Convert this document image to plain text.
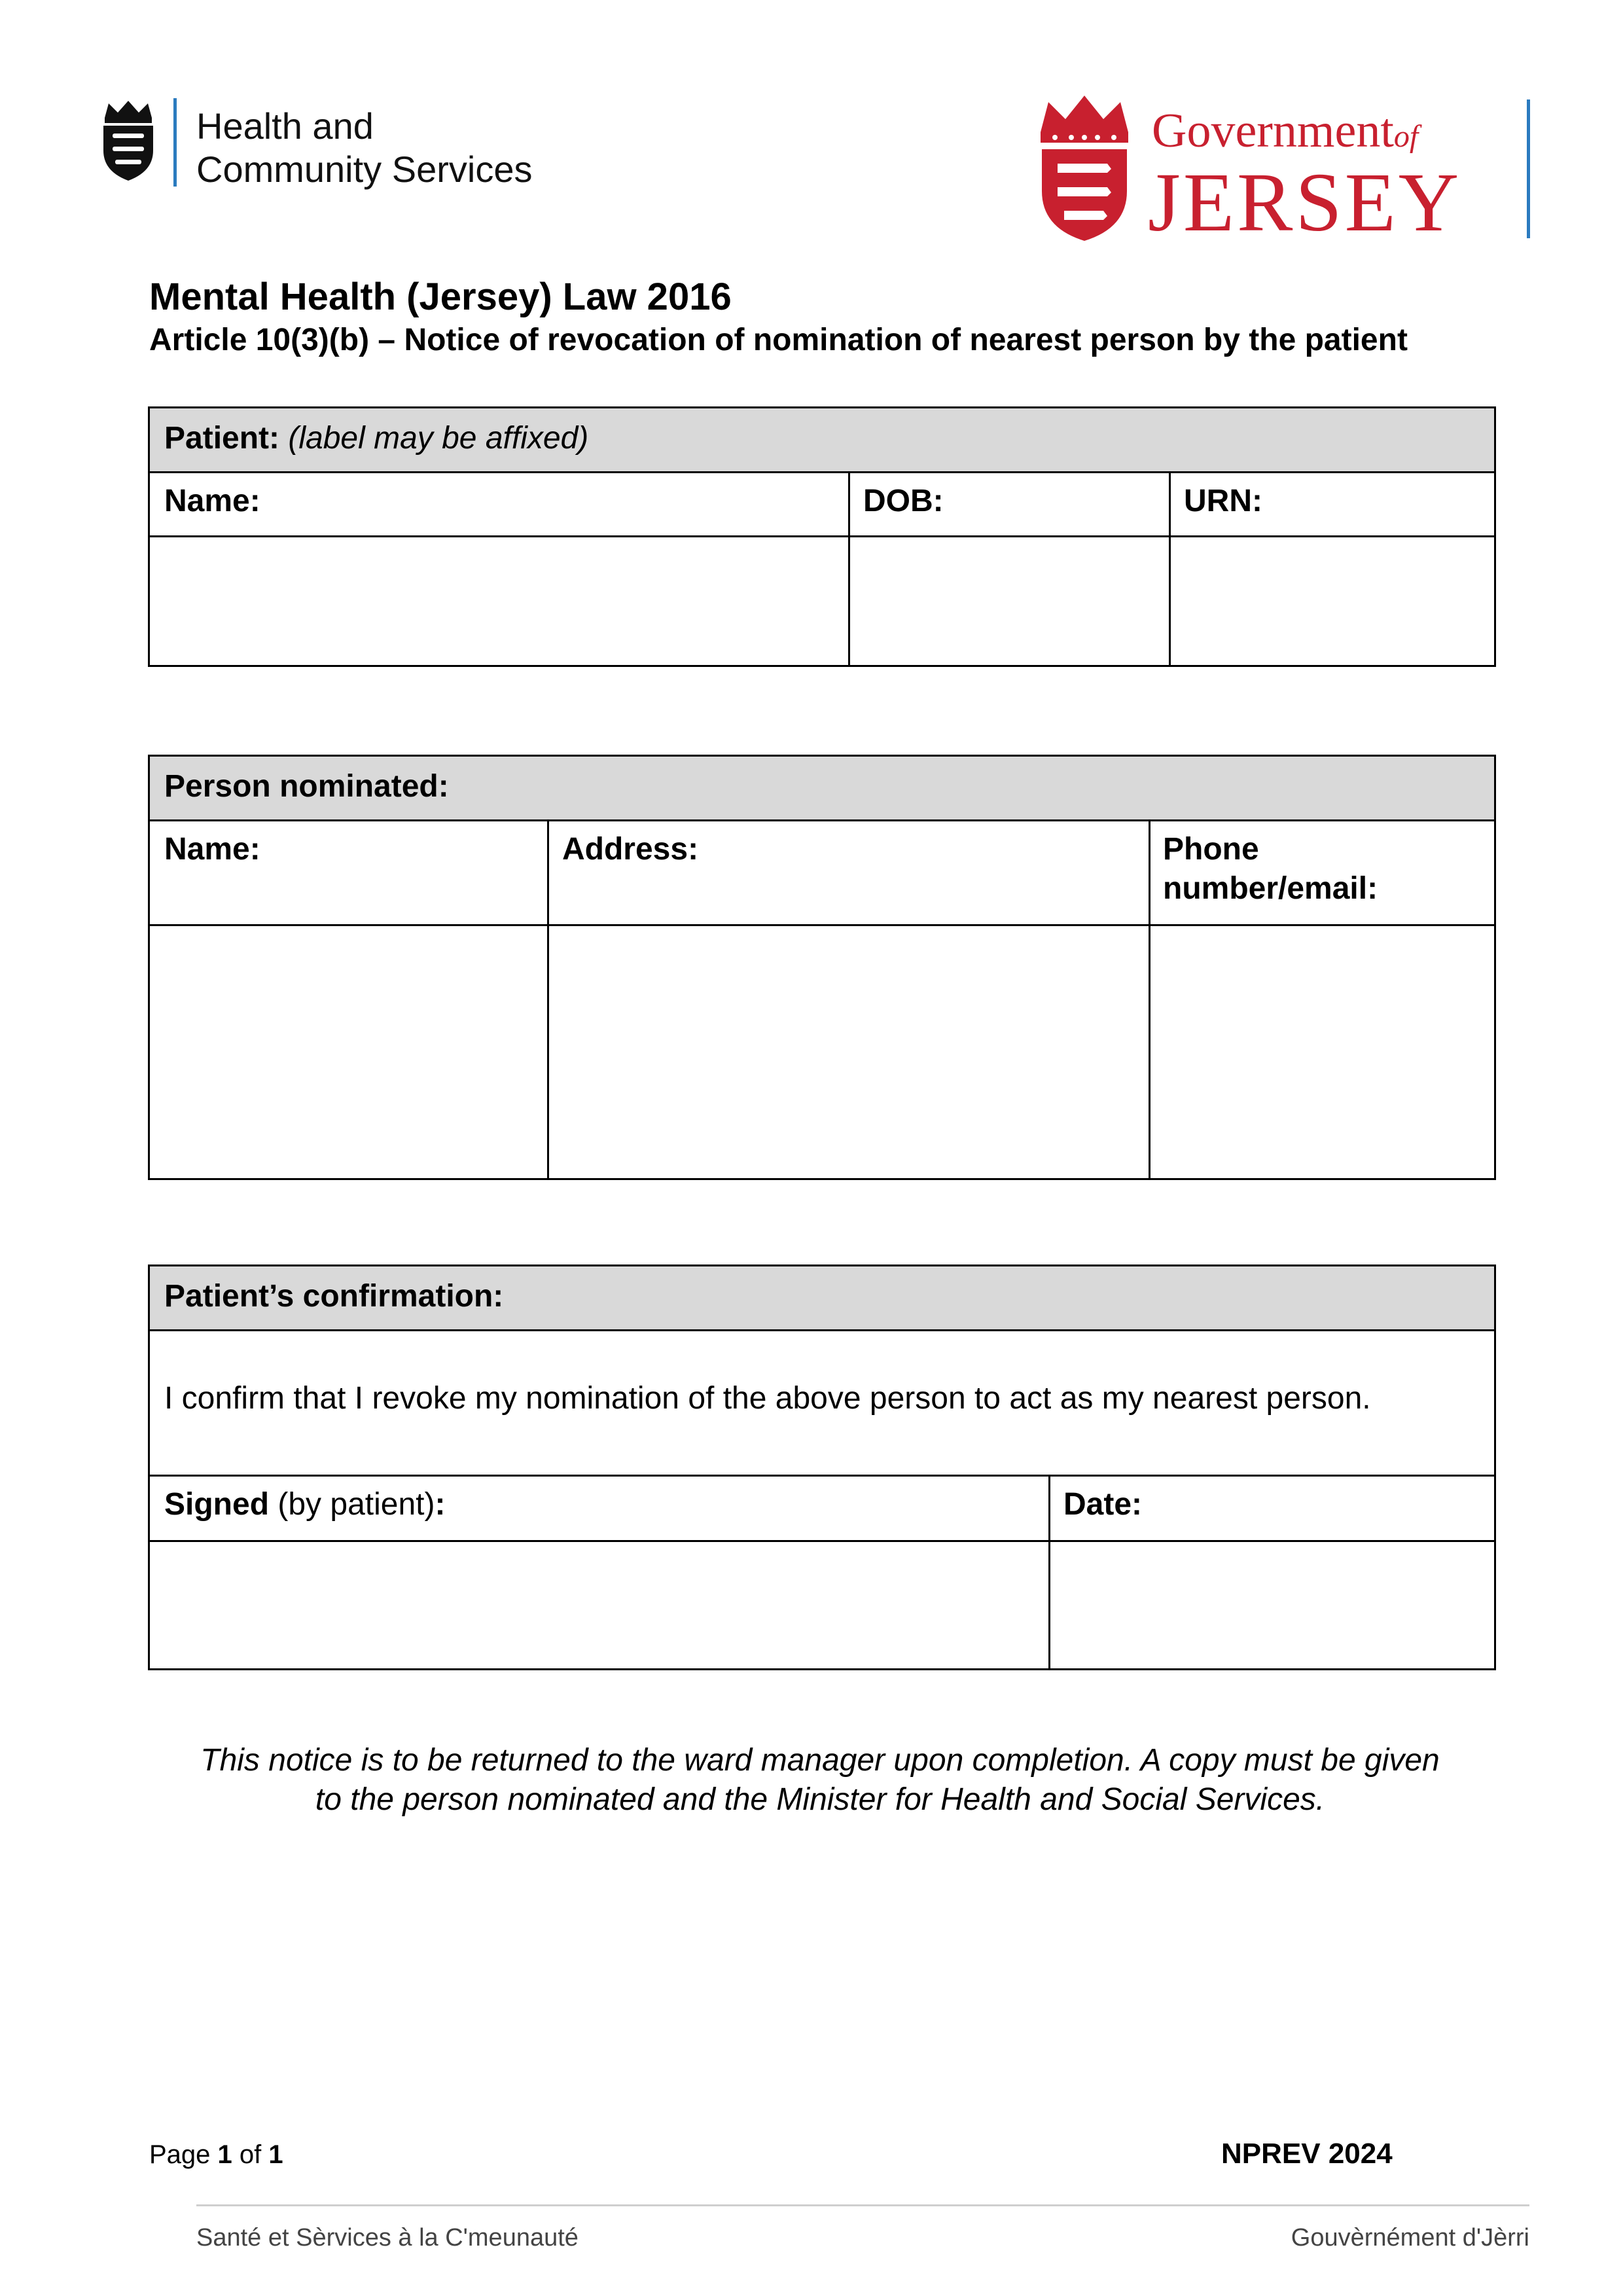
Health and
Community Services
Governmentof
JERSEY
Mental Health (Jersey) Law 2016
Article 10(3)(b) – Notice of revocation of nomination of nearest person by the patient
Patient: (label may be affixed)
Name:	DOB:	URN:
Person nominated:
Name:	Address:	Phone
number/email:
Patient’s confirmation:
I confirm that I revoke my nomination of the above person to act as my nearest person.
Signed (by patient):	Date:
This notice is to be returned to the ward manager upon completion. A copy must be given
to the person nominated and the Minister for Health and Social Services.
Page 1 of 1	NPREV 2024
Santé et Sèrvices à la C'meunauté	Gouvèrnément d'Jèrri
